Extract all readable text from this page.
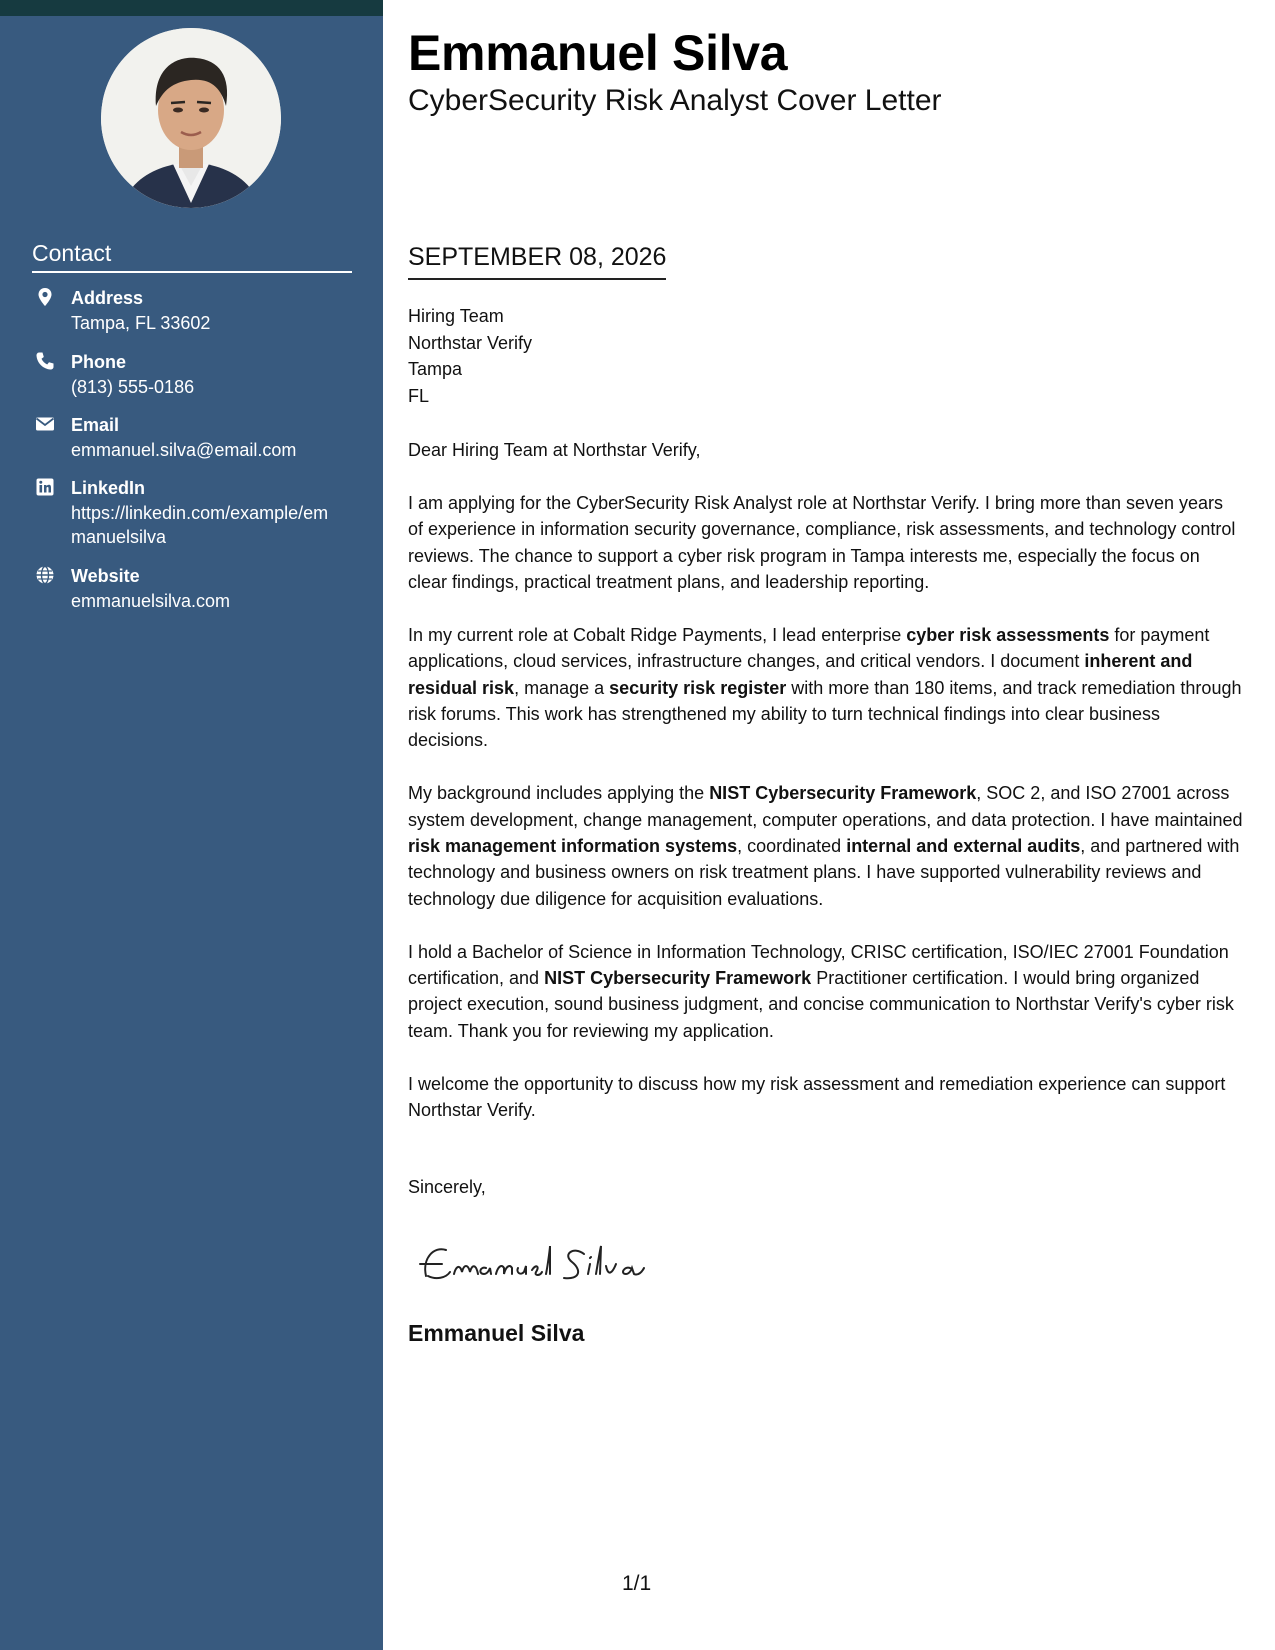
Contact
Address
Tampa, FL 33602
Phone
(813) 555-0186
Email
emmanuel.silva@email.com
LinkedIn
https://linkedin.com/example/emmanuelsilva
Website
emmanuelsilva.com
Emmanuel Silva
CyberSecurity Risk Analyst Cover Letter
SEPTEMBER 08, 2026
Hiring Team
Northstar Verify
Tampa
FL

Dear Hiring Team at Northstar Verify,

I am applying for the CyberSecurity Risk Analyst role at Northstar Verify. I bring more than seven years of experience in information security governance, compliance, risk assessments, and technology control reviews. The chance to support a cyber risk program in Tampa interests me, especially the focus on clear findings, practical treatment plans, and leadership reporting.

In my current role at Cobalt Ridge Payments, I lead enterprise cyber risk assessments for payment applications, cloud services, infrastructure changes, and critical vendors. I document inherent and residual risk, manage a security risk register with more than 180 items, and track remediation through risk forums. This work has strengthened my ability to turn technical findings into clear business decisions.

My background includes applying the NIST Cybersecurity Framework, SOC 2, and ISO 27001 across system development, change management, computer operations, and data protection. I have maintained risk management information systems, coordinated internal and external audits, and partnered with technology and business owners on risk treatment plans. I have supported vulnerability reviews and technology due diligence for acquisition evaluations.

I hold a Bachelor of Science in Information Technology, CRISC certification, ISO/IEC 27001 Foundation certification, and NIST Cybersecurity Framework Practitioner certification. I would bring organized project execution, sound business judgment, and concise communication to Northstar Verify's cyber risk team. Thank you for reviewing my application.

I welcome the opportunity to discuss how my risk assessment and remediation experience can support Northstar Verify.

Sincerely,
Emmanuel Silva
1/1
